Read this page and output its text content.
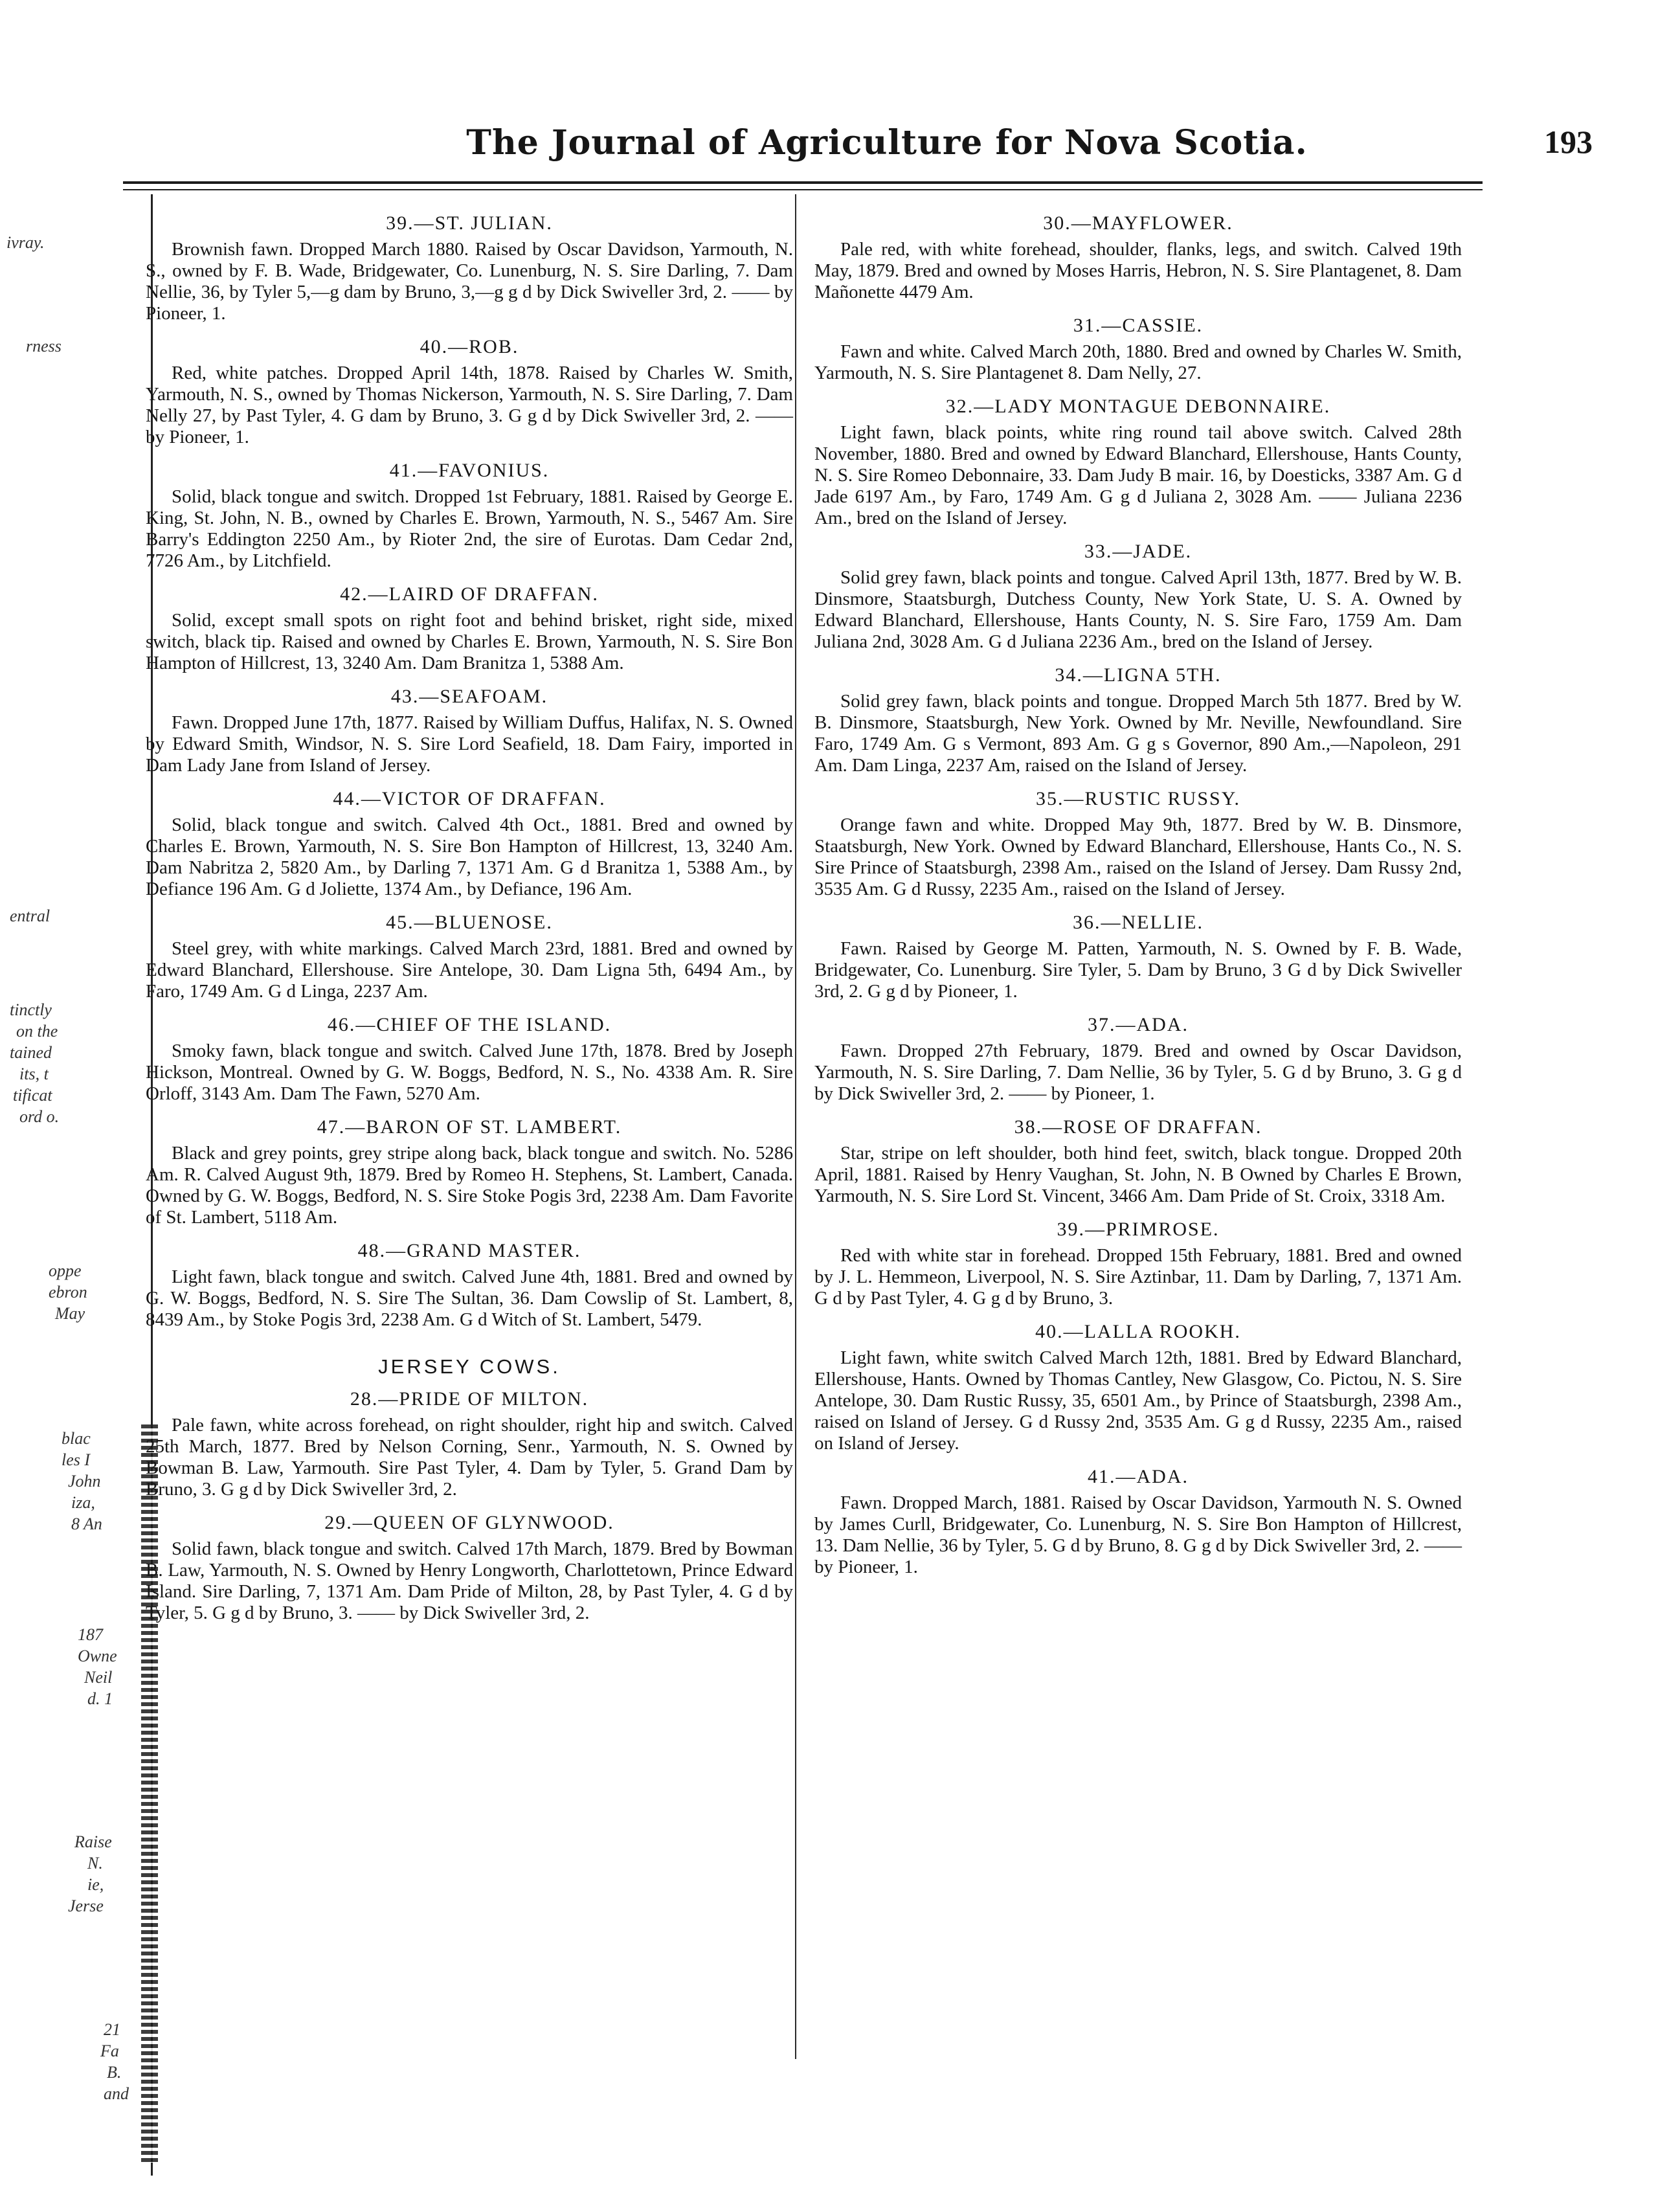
ivray.
rness
entral
tinctly
on the
tained
its, t
tificat
ord o.
oppe
ebron
May
blac
les I
John
iza,
8 An
187
Owne
Neil
d. 1
Raise
N.
ie,
Jerse
21
Fa
B.
and
The Journal of Agriculture for Nova Scotia.	193
39.—ST. JULIAN.

Brownish fawn. Dropped March 1880. Raised by Oscar Davidson, Yarmouth, N. S., owned by F. B. Wade, Bridgewater, Co. Lunenburg, N. S. Sire Darling, 7. Dam Nellie, 36, by Tyler 5,—g dam by Bruno, 3,—g g d by Dick Swiveller 3rd, 2. —— by Pioneer, 1.

40.—ROB.

Red, white patches. Dropped April 14th, 1878. Raised by Charles W. Smith, Yarmouth, N. S., owned by Thomas Nickerson, Yarmouth, N. S. Sire Darling, 7. Dam Nelly 27, by Past Tyler, 4. G dam by Bruno, 3. G g d by Dick Swiveller 3rd, 2. —— by Pioneer, 1.

41.—FAVONIUS.

Solid, black tongue and switch. Dropped 1st February, 1881. Raised by George E. King, St. John, N. B., owned by Charles E. Brown, Yarmouth, N. S., 5467 Am. Sire Barry's Eddington 2250 Am., by Rioter 2nd, the sire of Eurotas. Dam Cedar 2nd, 7726 Am., by Litchfield.

42.—LAIRD OF DRAFFAN.

Solid, except small spots on right foot and behind brisket, right side, mixed switch, black tip. Raised and owned by Charles E. Brown, Yarmouth, N. S. Sire Bon Hampton of Hillcrest, 13, 3240 Am. Dam Branitza 1, 5388 Am.

43.—SEAFOAM.

Fawn. Dropped June 17th, 1877. Raised by William Duffus, Halifax, N. S. Owned by Edward Smith, Windsor, N. S. Sire Lord Seafield, 18. Dam Fairy, imported in Dam Lady Jane from Island of Jersey.

44.—VICTOR OF DRAFFAN.

Solid, black tongue and switch. Calved 4th Oct., 1881. Bred and owned by Charles E. Brown, Yarmouth, N. S. Sire Bon Hampton of Hillcrest, 13, 3240 Am. Dam Nabritza 2, 5820 Am., by Darling 7, 1371 Am. G d Branitza 1, 5388 Am., by Defiance 196 Am. G d Joliette, 1374 Am., by Defiance, 196 Am.

45.—BLUENOSE.

Steel grey, with white markings. Calved March 23rd, 1881. Bred and owned by Edward Blanchard, Ellershouse. Sire Antelope, 30. Dam Ligna 5th, 6494 Am., by Faro, 1749 Am. G d Linga, 2237 Am.

46.—CHIEF OF THE ISLAND.

Smoky fawn, black tongue and switch. Calved June 17th, 1878. Bred by Joseph Hickson, Montreal. Owned by G. W. Boggs, Bedford, N. S., No. 4338 Am. R. Sire Orloff, 3143 Am. Dam The Fawn, 5270 Am.

47.—BARON OF ST. LAMBERT.

Black and grey points, grey stripe along back, black tongue and switch. No. 5286 Am. R. Calved August 9th, 1879. Bred by Romeo H. Stephens, St. Lambert, Canada. Owned by G. W. Boggs, Bedford, N. S. Sire Stoke Pogis 3rd, 2238 Am. Dam Favorite of St. Lambert, 5118 Am.

48.—GRAND MASTER.

Light fawn, black tongue and switch. Calved June 4th, 1881. Bred and owned by G. W. Boggs, Bedford, N. S. Sire The Sultan, 36. Dam Cowslip of St. Lambert, 8, 8439 Am., by Stoke Pogis 3rd, 2238 Am. G d Witch of St. Lambert, 5479.

JERSEY COWS.
28.—PRIDE OF MILTON.

Pale fawn, white across forehead, on right shoulder, right hip and switch. Calved 25th March, 1877. Bred by Nelson Corning, Senr., Yarmouth, N. S. Owned by Bowman B. Law, Yarmouth. Sire Past Tyler, 4. Dam by Tyler, 5. Grand Dam by Bruno, 3. G g d by Dick Swiveller 3rd, 2.

29.—QUEEN OF GLYNWOOD.

Solid fawn, black tongue and switch. Calved 17th March, 1879. Bred by Bowman B. Law, Yarmouth, N. S. Owned by Henry Longworth, Charlottetown, Prince Edward Island. Sire Darling, 7, 1371 Am. Dam Pride of Milton, 28, by Past Tyler, 4. G d by Tyler, 5. G g d by Bruno, 3. —— by Dick Swiveller 3rd, 2.

30.—MAYFLOWER.

Pale red, with white forehead, shoulder, flanks, legs, and switch. Calved 19th May, 1879. Bred and owned by Moses Harris, Hebron, N. S. Sire Plantagenet, 8. Dam Mañonette 4479 Am.

31.—CASSIE.

Fawn and white. Calved March 20th, 1880. Bred and owned by Charles W. Smith, Yarmouth, N. S. Sire Plantagenet 8. Dam Nelly, 27.

32.—LADY MONTAGUE DEBONNAIRE.

Light fawn, black points, white ring round tail above switch. Calved 28th November, 1880. Bred and owned by Edward Blanchard, Ellershouse, Hants County, N. S. Sire Romeo Debonnaire, 33. Dam Judy B mair. 16, by Doesticks, 3387 Am. G d Jade 6197 Am., by Faro, 1749 Am. G g d Juliana 2, 3028 Am. —— Juliana 2236 Am., bred on the Island of Jersey.

33.—JADE.

Solid grey fawn, black points and tongue. Calved April 13th, 1877. Bred by W. B. Dinsmore, Staatsburgh, Dutchess County, New York State, U. S. A. Owned by Edward Blanchard, Ellershouse, Hants County, N. S. Sire Faro, 1759 Am. Dam Juliana 2nd, 3028 Am. G d Juliana 2236 Am., bred on the Island of Jersey.

34.—LIGNA 5TH.

Solid grey fawn, black points and tongue. Dropped March 5th 1877. Bred by W. B. Dinsmore, Staatsburgh, New York. Owned by Mr. Neville, Newfoundland. Sire Faro, 1749 Am. G s Vermont, 893 Am. G g s Governor, 890 Am.,—Napoleon, 291 Am. Dam Linga, 2237 Am, raised on the Island of Jersey.

35.—RUSTIC RUSSY.

Orange fawn and white. Dropped May 9th, 1877. Bred by W. B. Dinsmore, Staatsburgh, New York. Owned by Edward Blanchard, Ellershouse, Hants Co., N. S. Sire Prince of Staatsburgh, 2398 Am., raised on the Island of Jersey. Dam Russy 2nd, 3535 Am. G d Russy, 2235 Am., raised on the Island of Jersey.

36.—NELLIE.

Fawn. Raised by George M. Patten, Yarmouth, N. S. Owned by F. B. Wade, Bridgewater, Co. Lunenburg. Sire Tyler, 5. Dam by Bruno, 3 G d by Dick Swiveller 3rd, 2. G g d by Pioneer, 1.

37.—ADA.

Fawn. Dropped 27th February, 1879. Bred and owned by Oscar Davidson, Yarmouth, N. S. Sire Darling, 7. Dam Nellie, 36 by Tyler, 5. G d by Bruno, 3. G g d by Dick Swiveller 3rd, 2. —— by Pioneer, 1.

38.—ROSE OF DRAFFAN.

Star, stripe on left shoulder, both hind feet, switch, black tongue. Dropped 20th April, 1881. Raised by Henry Vaughan, St. John, N. B Owned by Charles E Brown, Yarmouth, N. S. Sire Lord St. Vincent, 3466 Am. Dam Pride of St. Croix, 3318 Am.

39.—PRIMROSE.

Red with white star in forehead. Dropped 15th February, 1881. Bred and owned by J. L. Hemmeon, Liverpool, N. S. Sire Aztinbar, 11. Dam by Darling, 7, 1371 Am. G d by Past Tyler, 4. G g d by Bruno, 3.

40.—LALLA ROOKH.

Light fawn, white switch Calved March 12th, 1881. Bred by Edward Blanchard, Ellershouse, Hants. Owned by Thomas Cantley, New Glasgow, Co. Pictou, N. S. Sire Antelope, 30. Dam Rustic Russy, 35, 6501 Am., by Prince of Staatsburgh, 2398 Am., raised on Island of Jersey. G d Russy 2nd, 3535 Am. G g d Russy, 2235 Am., raised on Island of Jersey.

41.—ADA.

Fawn. Dropped March, 1881. Raised by Oscar Davidson, Yarmouth N. S. Owned by James Curll, Bridgewater, Co. Lunenburg, N. S. Sire Bon Hampton of Hillcrest, 13. Dam Nellie, 36 by Tyler, 5. G d by Bruno, 8. G g d by Dick Swiveller 3rd, 2. —— by Pioneer, 1.
